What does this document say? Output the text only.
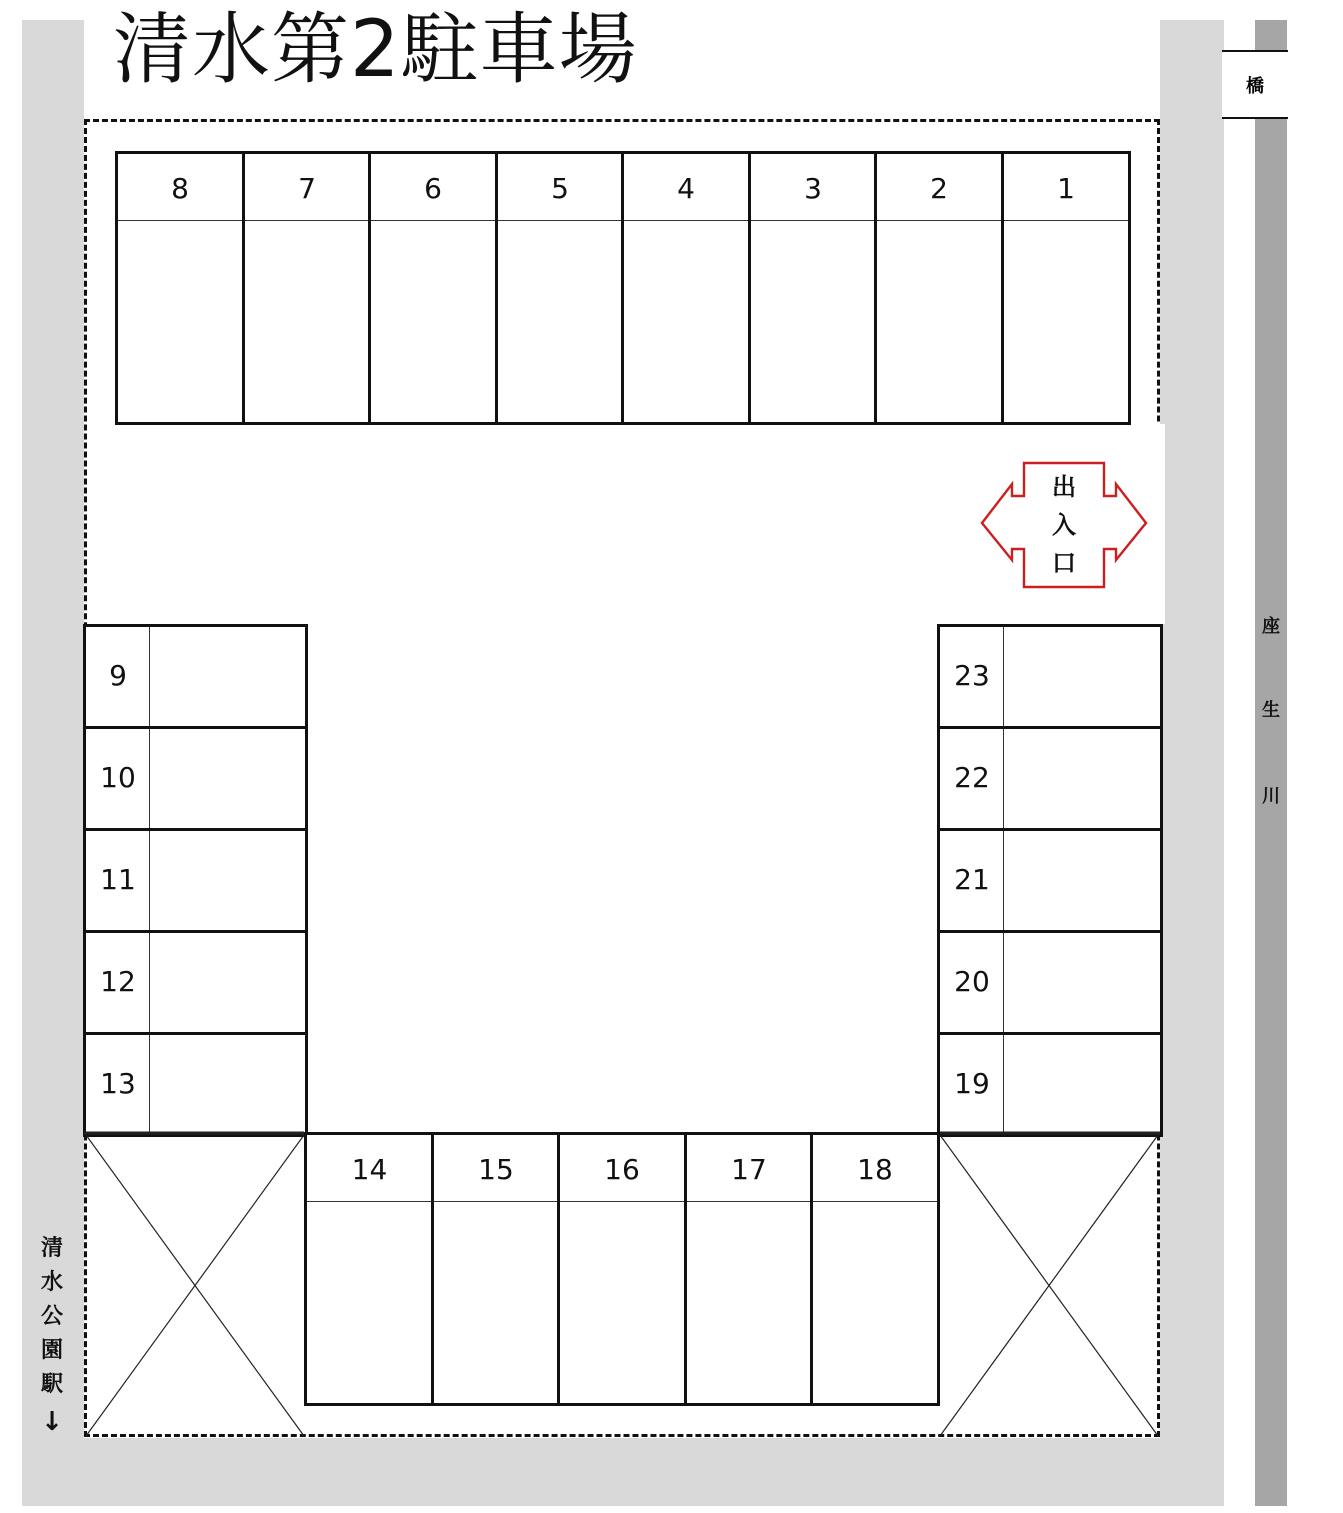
橋
座
生
川
清水第2駐車場
8	7	6	5	4	3	2	1
9
10
11
12
13
23
22
21
20
19
14	15	16	17	18
↓
出
入
口
清
水
公
園
駅
